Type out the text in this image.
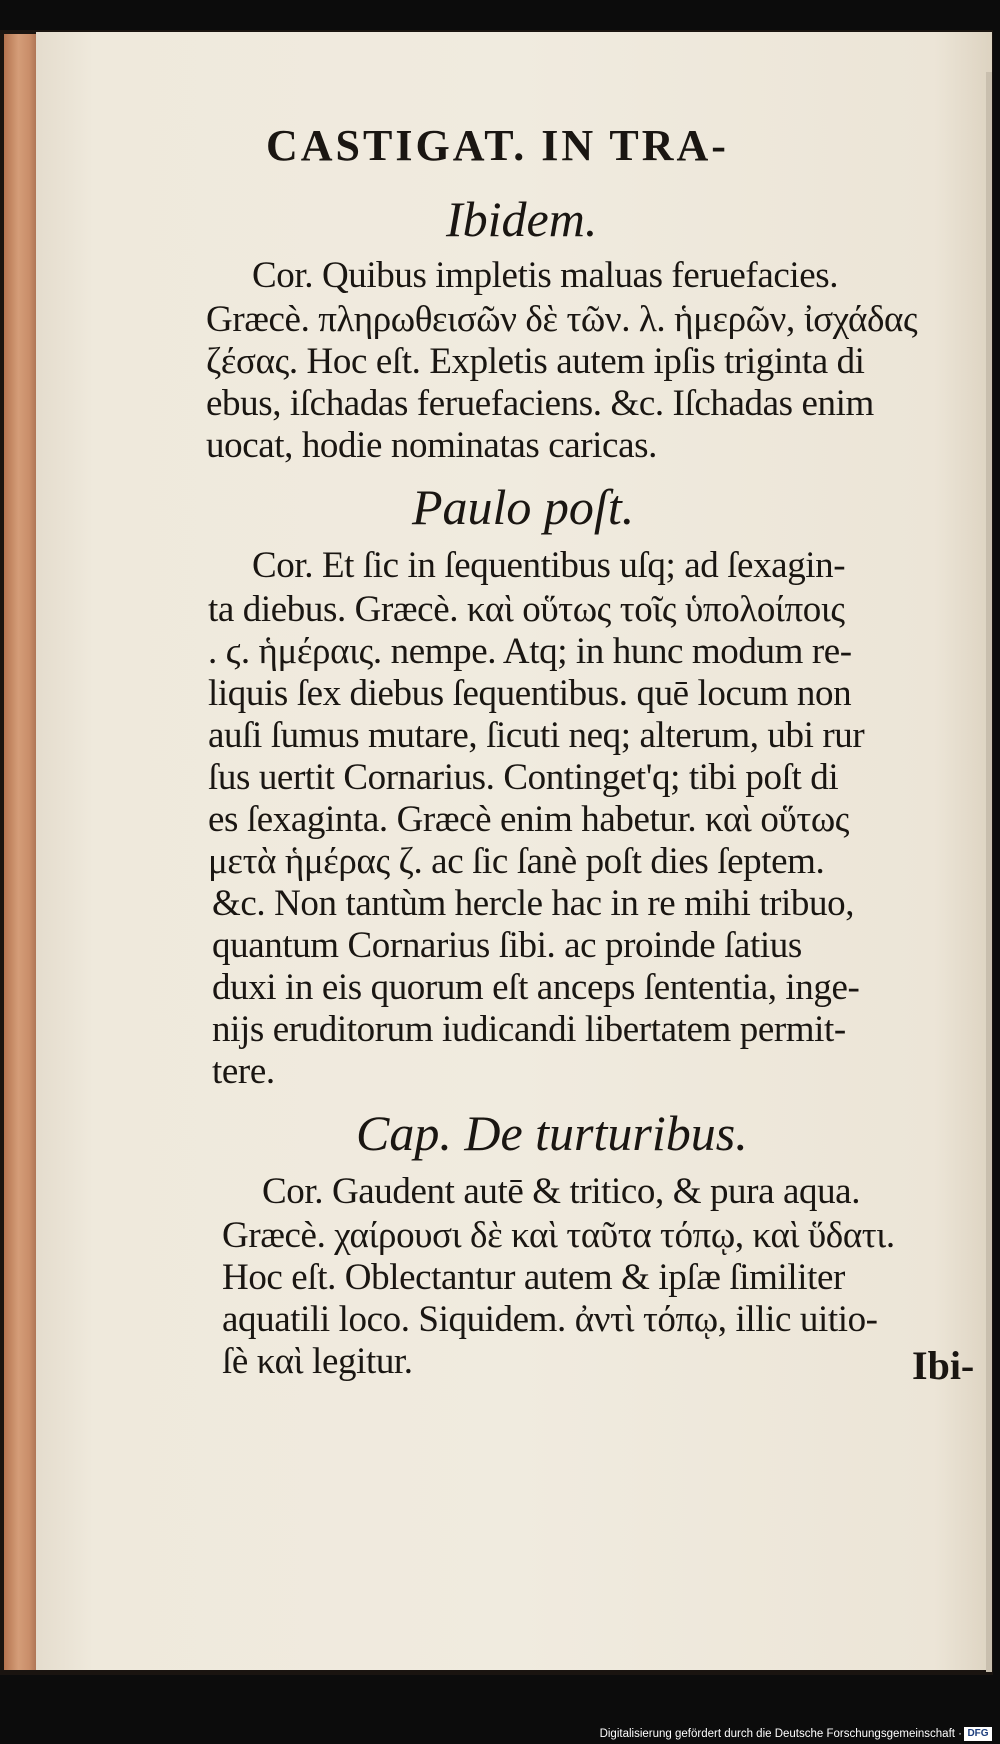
CASTIGAT. IN TRA-
Ibidem.
Cor. Quibus impletis maluas feruefacies.
Græcè. πληρωθεισῶν δὲ τῶν. λ. ἡμερῶν, ἰσχάδας
ζέσας. Hoc eſt. Expletis autem ipſis triginta di
ebus, iſchadas feruefaciens. &c. Iſchadas enim
uocat, hodie nominatas caricas.
Paulo poſt.
Cor. Et ſic in ſequentibus uſq; ad ſexagin-
ta diebus. Græcè. καὶ οὕτως τοῖς ὑπολοίποις
. ϛ. ἡμέραις. nempe. Atq; in hunc modum re-
liquis ſex diebus ſequentibus. quē locum non
auſi ſumus mutare, ſicuti neq; alterum, ubi rur
ſus uertit Cornarius. Continget'q; tibi poſt di
es ſexaginta. Græcè enim habetur. καὶ οὕτως
μετὰ ἡμέρας ζ. ac ſic ſanè poſt dies ſeptem.
&c. Non tantùm hercle hac in re mihi tribuo,
quantum Cornarius ſibi. ac proinde ſatius
duxi in eis quorum eſt anceps ſententia, inge-
nijs eruditorum iudicandi libertatem permit-
tere.
Cap. De turturibus.
Cor. Gaudent autē & tritico, & pura aqua.
Græcè. χαίρουσι δὲ καὶ ταῦτα τόπῳ, καὶ ὕδατι.
Hoc eſt. Oblectantur autem & ipſæ ſimiliter
aquatili loco. Siquidem. ἀντὶ τόπῳ, illic uitio-
ſè καὶ legitur.	Ibi-
Digitalisierung gefördert durch die Deutsche Forschungsgemeinschaft · DFG
